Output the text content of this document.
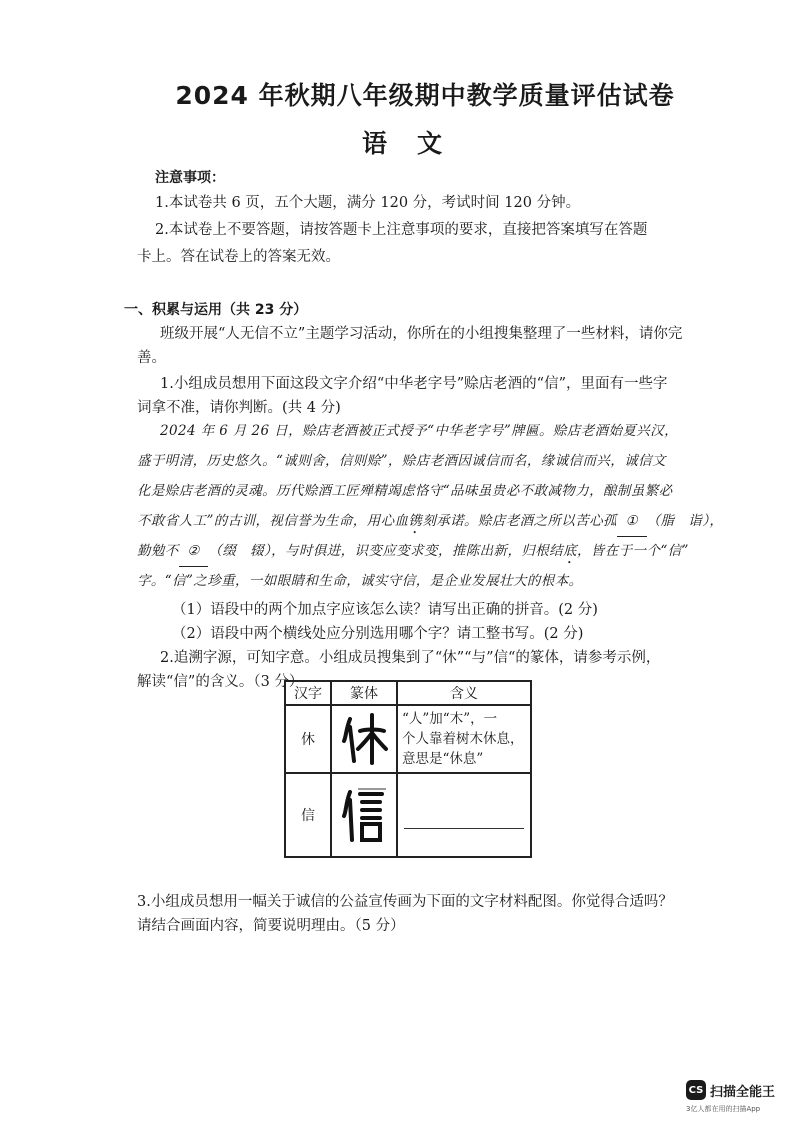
2024 年秋期八年级期中教学质量评估试卷
语文
注意事项：
1.本试卷共 6 页，五个大题，满分 120 分，考试时间 120 分钟。
2.本试卷上不要答题，请按答题卡上注意事项的要求，直接把答案填写在答题
卡上。答在试卷上的答案无效。
一、积累与运用（共 23 分）
班级开展“人无信不立”主题学习活动，你所在的小组搜集整理了一些材料，请你完
善。
1.小组成员想用下面这段文字介绍“中华老字号”赊店老酒的“信”，里面有一些字
词拿不准，请你判断。(共 4 分)
2024 年 6 月 26 日，赊店老酒被正式授予“中华老字号”牌匾。赊店老酒始夏兴汉，
盛于明清，历史悠久。“诚则舍，信则赊”，赊店老酒因诚信而名，缘诚信而兴，诚信文
化是赊店老酒的灵魂。历代赊酒工匠殚精竭虑恪守“品味虽贵必不敢减物力，酿制虽繁必
不敢省人工”的古训，视信誉为生命，用心血镌刻承诺。赊店老酒之所以苦心孤 ① （脂　诣），
勤勉不 ② （缀　辍），与时俱进，识变应变求变，推陈出新，归根结底，皆在于一个“信”
字。“信”之珍重，一如眼睛和生命，诚实守信，是企业发展壮大的根本。
（1）语段中的两个加点字应该怎么读？请写出正确的拼音。(2 分)
（2）语段中两个横线处应分别选用哪个字？请工整书写。(2 分)
2.追溯字源，可知字意。小组成员搜集到了“休”“与”信“的篆体，请参考示例，
解读“信”的含义。（3 分）
汉字	篆体	含义
休		“人”加“木”，一
个人靠着树木休息，
意思是“休息”

信	

3.小组成员想用一幅关于诚信的公益宣传画为下面的文字材料配图。你觉得合适吗？
请结合画面内容，简要说明理由。（5 分）
CS 扫描全能王
3亿人都在用的扫描App
